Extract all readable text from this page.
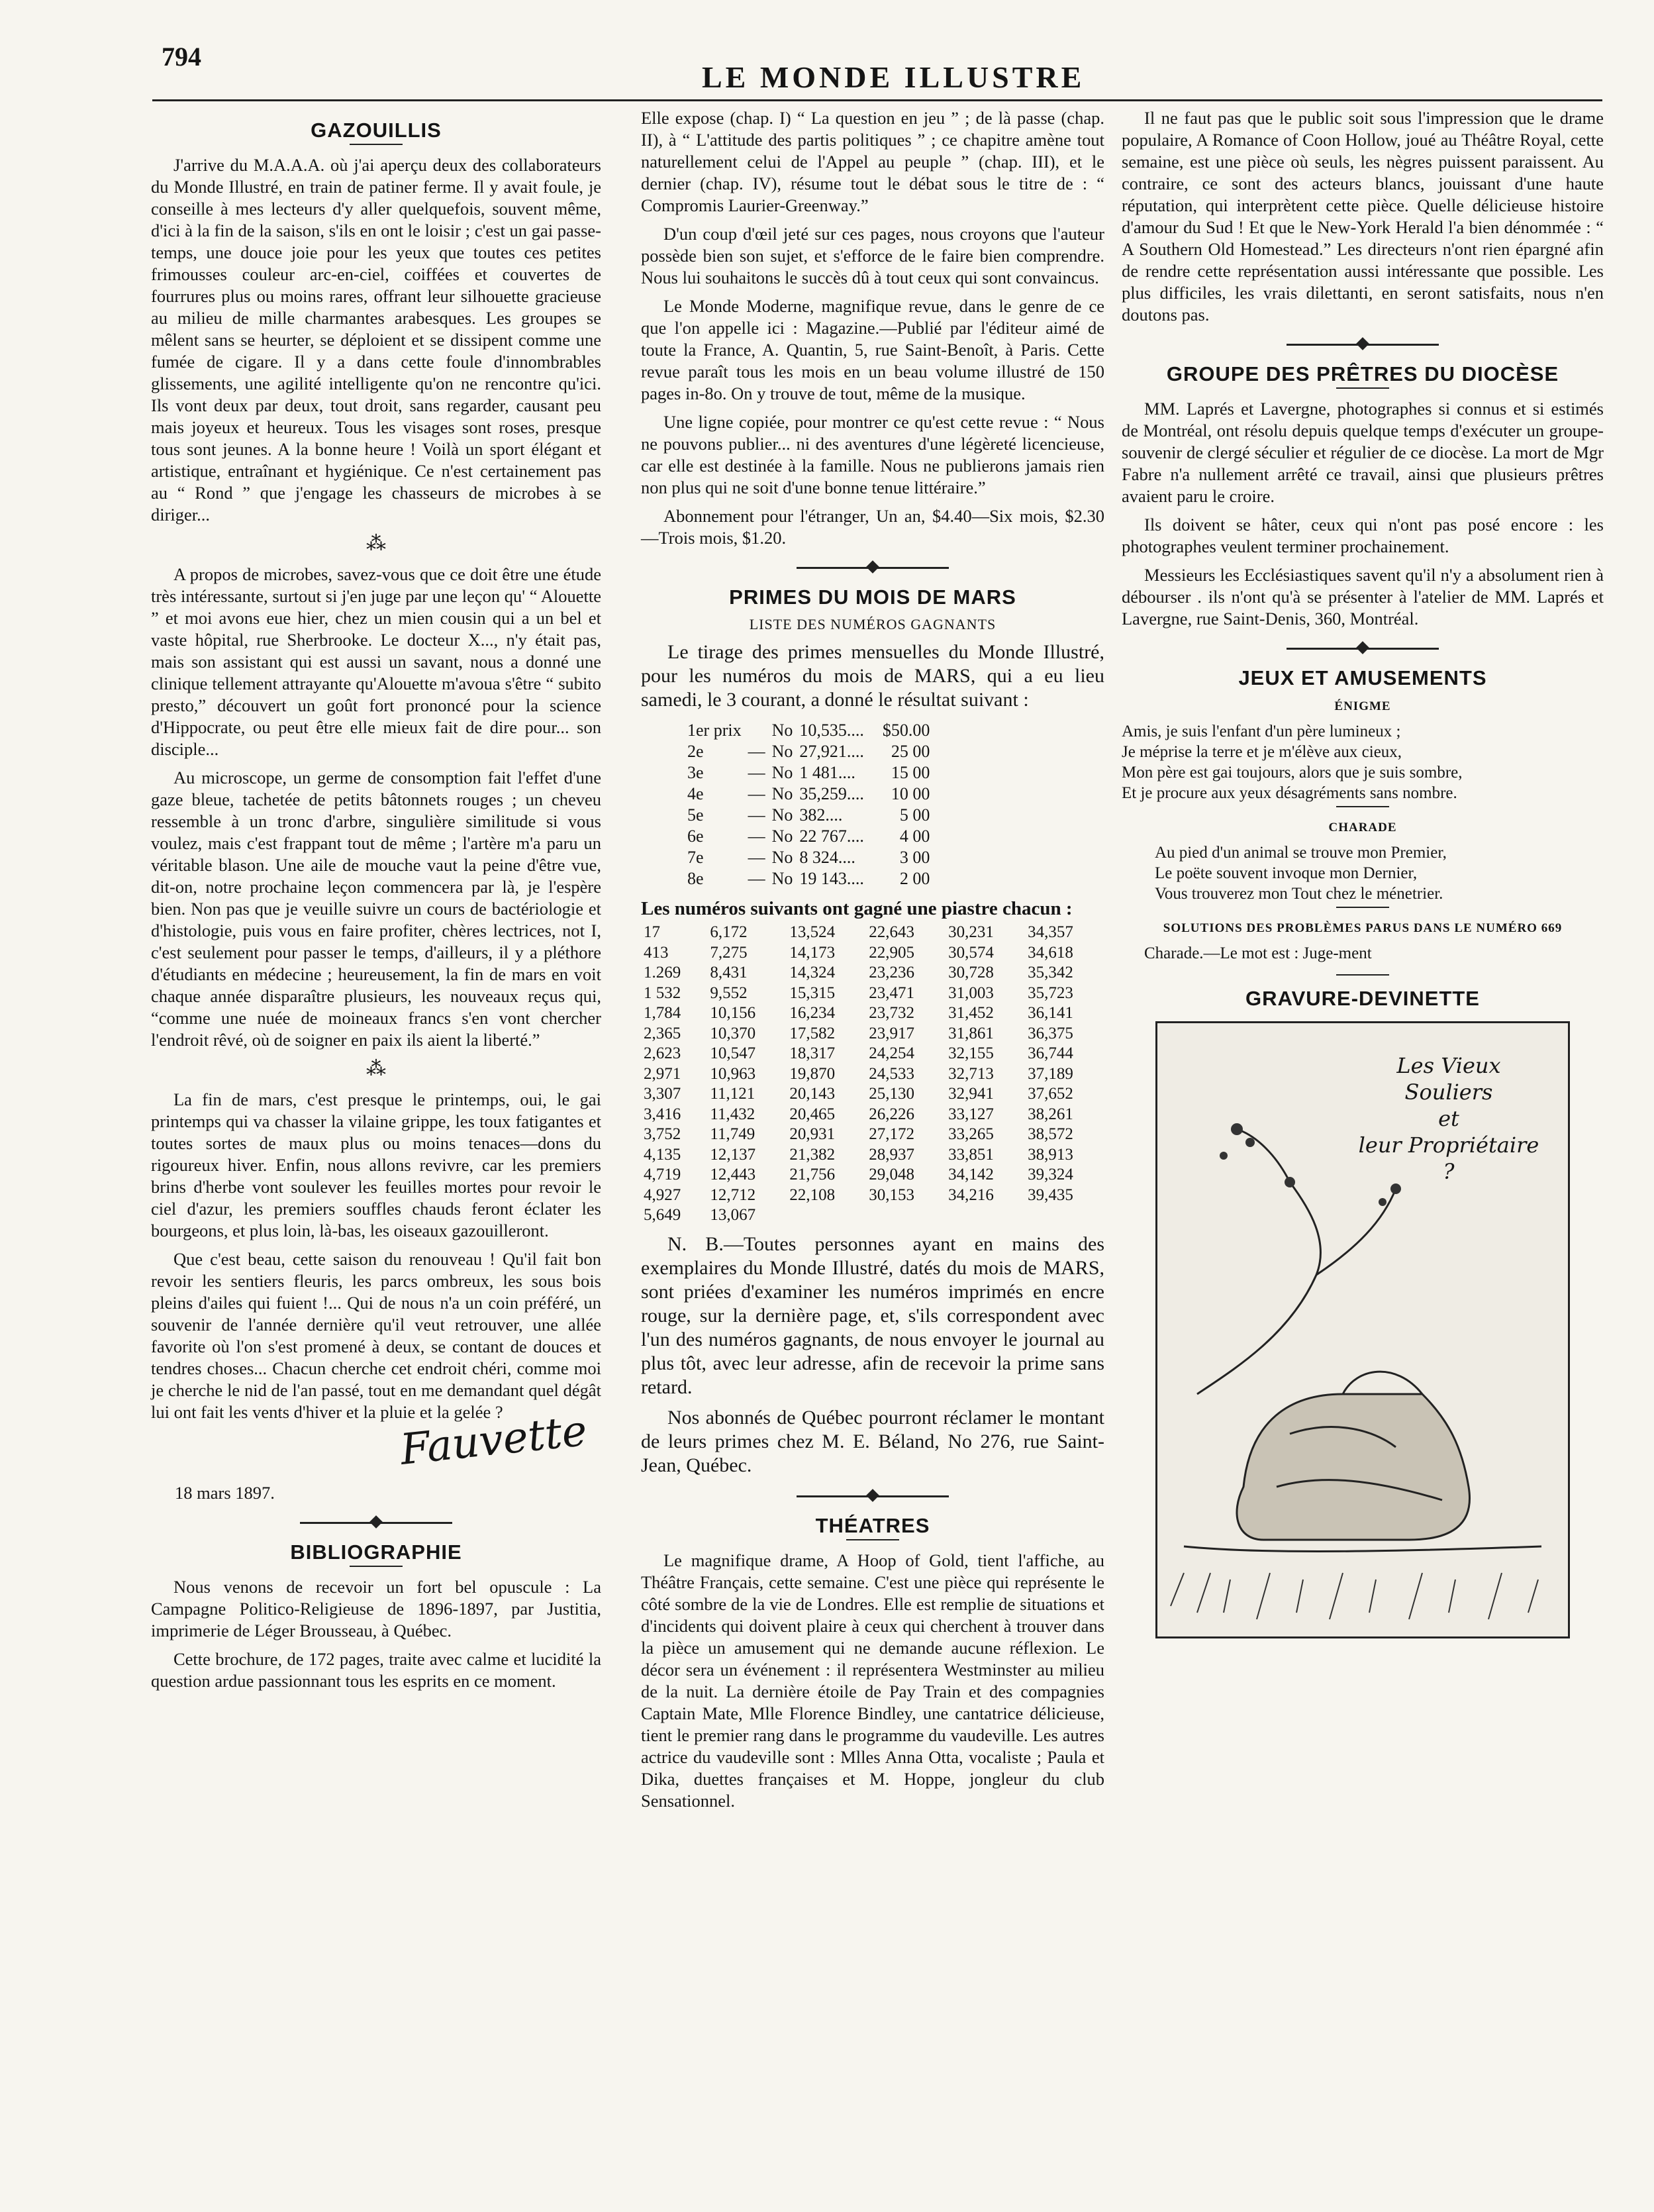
794
LE MONDE ILLUSTRE
GAZOUILLIS

J'arrive du M.A.A.A. où j'ai aperçu deux des collaborateurs du Monde Illustré, en train de patiner ferme. Il y avait foule, je conseille à mes lecteurs d'y aller quelquefois, souvent même, d'ici à la fin de la saison, s'ils en ont le loisir ; c'est un gai passe-temps, une douce joie pour les yeux que toutes ces petites frimousses couleur arc-en-ciel, coiffées et couvertes de fourrures plus ou moins rares, offrant leur silhouette gracieuse au milieu de mille charmantes arabesques. Les groupes se mêlent sans se heurter, se déploient et se dissipent comme une fumée de cigare. Il y a dans cette foule d'innombrables glissements, une agilité intelligente qu'on ne rencontre qu'ici. Ils vont deux par deux, tout droit, sans regarder, causant peu mais joyeux et heureux. Tous les visages sont roses, presque tous sont jeunes. A la bonne heure ! Voilà un sport élégant et artistique, entraînant et hygiénique. Ce n'est certainement pas au “ Rond ” que j'engage les chasseurs de microbes à se diriger...

⁂

A propos de microbes, savez-vous que ce doit être une étude très intéressante, surtout si j'en juge par une leçon qu' “ Alouette ” et moi avons eue hier, chez un mien cousin qui a un bel et vaste hôpital, rue Sherbrooke. Le docteur X..., n'y était pas, mais son assistant qui est aussi un savant, nous a donné une clinique tellement attrayante qu'Alouette m'avoua s'être “ subito presto,” découvert un goût fort prononcé pour la science d'Hippocrate, ou peut être elle mieux fait de dire pour... son disciple...

Au microscope, un germe de consomption fait l'effet d'une gaze bleue, tachetée de petits bâtonnets rouges ; un cheveu ressemble à un tronc d'arbre, singulière similitude si vous voulez, mais c'est frappant tout de même ; l'artère m'a paru un véritable blason. Une aile de mouche vaut la peine d'être vue, dit-on, notre prochaine leçon commencera par là, je l'espère bien. Non pas que je veuille suivre un cours de bactériologie et d'histologie, puis vous en faire profiter, chères lectrices, not I, c'est seulement pour passer le temps, d'ailleurs, il y a pléthore d'étudiants en médecine ; heureusement, la fin de mars en voit chaque année disparaître plusieurs, les nouveaux reçus qui, “comme une nuée de moineaux francs s'en vont chercher l'endroit rêvé, où de soigner en paix ils aient la liberté.”

⁂

La fin de mars, c'est presque le printemps, oui, le gai printemps qui va chasser la vilaine grippe, les toux fatigantes et toutes sortes de maux plus ou moins tenaces—dons du rigoureux hiver. Enfin, nous allons revivre, car les premiers brins d'herbe vont soulever les feuilles mortes pour revoir le ciel d'azur, les premiers souffles chauds feront éclater les bourgeons, et plus loin, là-bas, les oiseaux gazouilleront.

Que c'est beau, cette saison du renouveau ! Qu'il fait bon revoir les sentiers fleuris, les parcs ombreux, les sous bois pleins d'ailes qui fuient !... Qui de nous n'a un coin préféré, un souvenir de l'année dernière qu'il veut retrouver, une allée favorite où l'on s'est promené à deux, se contant de douces et tendres choses... Chacun cherche cet endroit chéri, comme moi je cherche le nid de l'an passé, tout en me demandant quel dégât lui ont fait les vents d'hiver et la pluie et la gelée ?

Fauvette
18 mars 1897.
BIBLIOGRAPHIE

Nous venons de recevoir un fort bel opuscule : La Campagne Politico-Religieuse de 1896-1897, par Justitia, imprimerie de Léger Brousseau, à Québec.

Cette brochure, de 172 pages, traite avec calme et lucidité la question ardue passionnant tous les esprits en ce moment.

Elle expose (chap. I) “ La question en jeu ” ; de là passe (chap. II), à “ L'attitude des partis politiques ” ; ce chapitre amène tout naturellement celui de l'Appel au peuple ” (chap. III), et le dernier (chap. IV), résume tout le débat sous le titre de : “ Compromis Laurier-Greenway.”

D'un coup d'œil jeté sur ces pages, nous croyons que l'auteur possède bien son sujet, et s'efforce de le faire bien comprendre. Nous lui souhaitons le succès dû à tout ceux qui sont convaincus.

Le Monde Moderne, magnifique revue, dans le genre de ce que l'on appelle ici : Magazine.—Publié par l'éditeur aimé de toute la France, A. Quantin, 5, rue Saint-Benoît, à Paris. Cette revue paraît tous les mois en un beau volume illustré de 150 pages in-8o. On y trouve de tout, même de la musique.

Une ligne copiée, pour montrer ce qu'est cette revue : “ Nous ne pouvons publier... ni des aventures d'une légèreté licencieuse, car elle est destinée à la famille. Nous ne publierons jamais rien non plus qui ne soit d'une bonne tenue littéraire.”

Abonnement pour l'étranger, Un an, $4.40—Six mois, $2.30—Trois mois, $1.20.

PRIMES DU MOIS DE MARS
LISTE DES NUMÉROS GAGNANTS

Le tirage des primes mensuelles du Monde Illustré, pour les numéros du mois de MARS, qui a eu lieu samedi, le 3 courant, a donné le résultat suivant :

1er prix		No	10,535....	$50.00
2e	—	No	27,921....	25 00
3e	—	No	1 481....	15 00
4e	—	No	35,259....	10 00
5e	—	No	382....	5 00
6e	—	No	22 767....	4 00
7e	—	No	8 324....	3 00
8e	—	No	19 143....	2 00
Les numéros suivants ont gagné une piastre chacun :
17	6,172	13,524	22,643	30,231	34,357
413	7,275	14,173	22,905	30,574	34,618
1.269	8,431	14,324	23,236	30,728	35,342
1 532	9,552	15,315	23,471	31,003	35,723
1,784	10,156	16,234	23,732	31,452	36,141
2,365	10,370	17,582	23,917	31,861	36,375
2,623	10,547	18,317	24,254	32,155	36,744
2,971	10,963	19,870	24,533	32,713	37,189
3,307	11,121	20,143	25,130	32,941	37,652
3,416	11,432	20,465	26,226	33,127	38,261
3,752	11,749	20,931	27,172	33,265	38,572
4,135	12,137	21,382	28,937	33,851	38,913
4,719	12,443	21,756	29,048	34,142	39,324
4,927	12,712	22,108	30,153	34,216	39,435
5,649	13,067				

N. B.—Toutes personnes ayant en mains des exemplaires du Monde Illustré, datés du mois de MARS, sont priées d'examiner les numéros imprimés en encre rouge, sur la dernière page, et, s'ils correspondent avec l'un des numéros gagnants, de nous envoyer le journal au plus tôt, avec leur adresse, afin de recevoir la prime sans retard.

Nos abonnés de Québec pourront réclamer le montant de leurs primes chez M. E. Béland, No 276, rue Saint-Jean, Québec.

THÉATRES

Le magnifique drame, A Hoop of Gold, tient l'affiche, au Théâtre Français, cette semaine. C'est une pièce qui représente le côté sombre de la vie de Londres. Elle est remplie de situations et d'incidents qui doivent plaire à ceux qui cherchent à trouver dans la pièce un amusement qui ne demande aucune réflexion. Le décor sera un événement : il représentera Westminster au milieu de la nuit. La dernière étoile de Pay Train et des compagnies Captain Mate, Mlle Florence Bindley, une cantatrice délicieuse, tient le premier rang dans le programme du vaudeville. Les autres actrice du vaudeville sont : Mlles Anna Otta, vocaliste ; Paula et Dika, duettes françaises et M. Hoppe, jongleur du club Sensationnel.

Il ne faut pas que le public soit sous l'impression que le drame populaire, A Romance of Coon Hollow, joué au Théâtre Royal, cette semaine, est une pièce où seuls, les nègres puissent paraissent. Au contraire, ce sont des acteurs blancs, jouissant d'une haute réputation, qui interprètent cette pièce. Quelle délicieuse histoire d'amour du Sud ! Et que le New-York Herald l'a bien dénommée : “ A Southern Old Homestead.” Les directeurs n'ont rien épargné afin de rendre cette représentation aussi intéressante que possible. Les plus difficiles, les vrais dilettanti, en seront satisfaits, nous n'en doutons pas.

GROUPE DES PRÊTRES DU DIOCÈSE

MM. Laprés et Lavergne, photographes si connus et si estimés de Montréal, ont résolu depuis quelque temps d'exécuter un groupe-souvenir de clergé séculier et régulier de ce diocèse. La mort de Mgr Fabre n'a nullement arrêté ce travail, ainsi que plusieurs prêtres avaient paru le croire.

Ils doivent se hâter, ceux qui n'ont pas posé encore : les photographes veulent terminer prochainement.

Messieurs les Ecclésiastiques savent qu'il n'y a absolument rien à débourser . ils n'ont qu'à se présenter à l'atelier de MM. Laprés et Lavergne, rue Saint-Denis, 360, Montréal.

JEUX ET AMUSEMENTS
ÉNIGME
Amis, je suis l'enfant d'un père lumineux ;
Je méprise la terre et je m'élève aux cieux,
Mon père est gai toujours, alors que je suis sombre,
Et je procure aux yeux désagréments sans nombre.
CHARADE
Au pied d'un animal se trouve mon Premier,
Le poëte souvent invoque mon Dernier,
Vous trouverez mon Tout chez le ménetrier.
SOLUTIONS DES PROBLÈMES PARUS DANS LE NUMÉRO 669
Charade.—Le mot est : Juge-ment
GRAVURE-DEVINETTE
Les Vieux Souliers
et
leur Propriétaire ?
